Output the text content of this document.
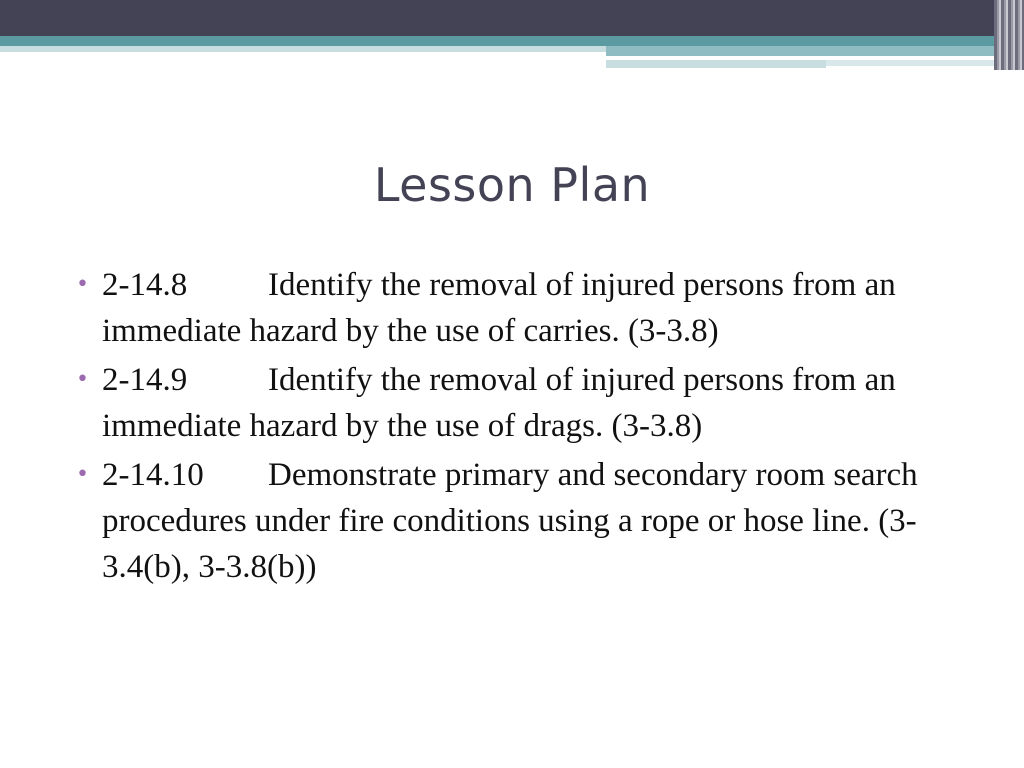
Lesson Plan
• 2-14.8 Identify the removal of injured persons from an immediate hazard by the use of carries. (3-3.8)
• 2-14.9 Identify the removal of injured persons from an immediate hazard by the use of drags. (3-3.8)
• 2-14.10 Demonstrate primary and secondary room search procedures under fire conditions using a rope or hose line. (3-3.4(b), 3-3.8(b))
